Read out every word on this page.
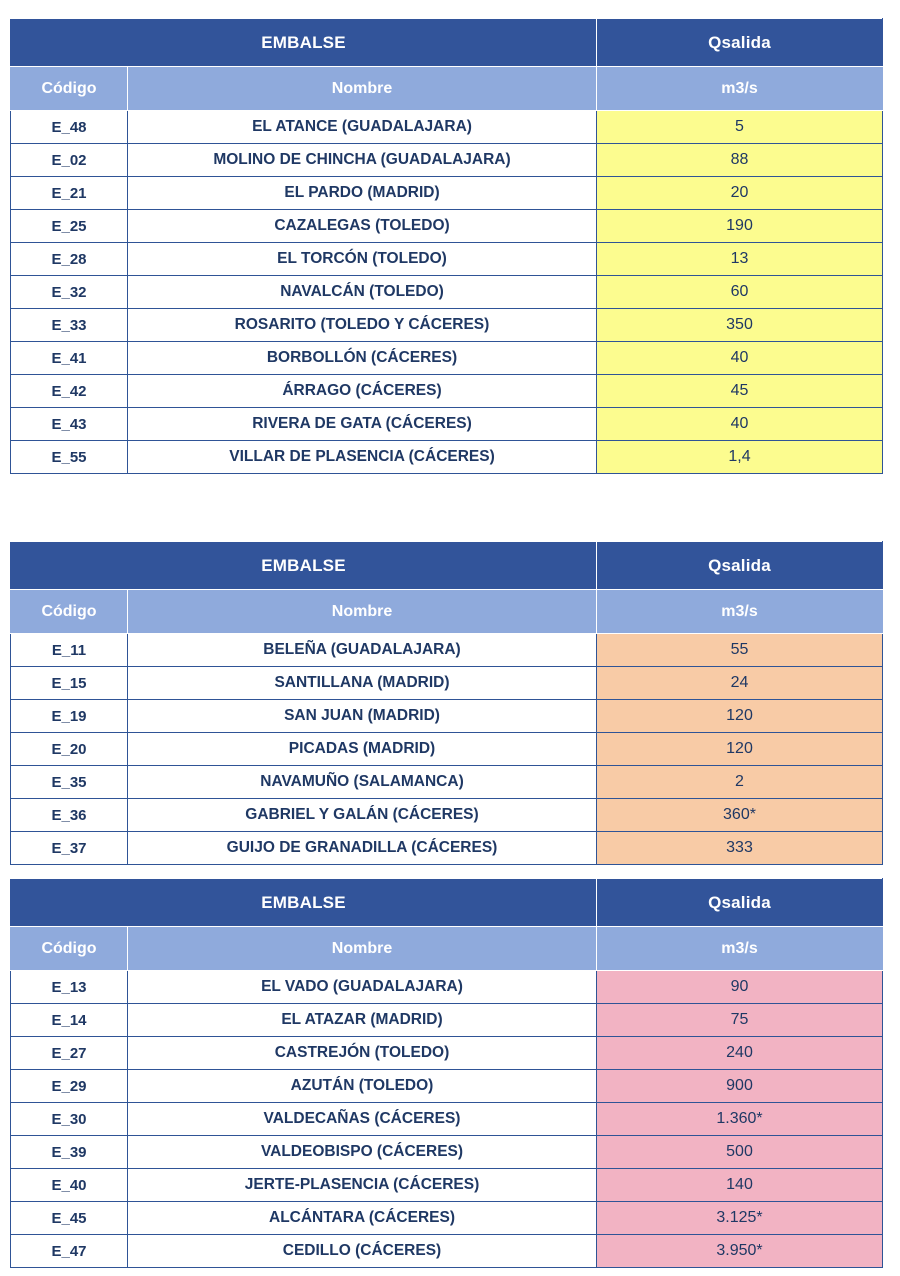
EMBALSE		Qsalida
Código	Nombre	m3/s
E_48	EL ATANCE (GUADALAJARA)	5
E_02	MOLINO DE CHINCHA (GUADALAJARA)	88
E_21	EL PARDO (MADRID)	20
E_25	CAZALEGAS (TOLEDO)	190
E_28	EL TORCÓN (TOLEDO)	13
E_32	NAVALCÁN (TOLEDO)	60
E_33	ROSARITO (TOLEDO Y CÁCERES)	350
E_41	BORBOLLÓN (CÁCERES)	40
E_42	ÁRRAGO (CÁCERES)	45
E_43	RIVERA DE GATA (CÁCERES)	40
E_55	VILLAR DE PLASENCIA (CÁCERES)	1,4
EMBALSE		Qsalida
Código	Nombre	m3/s
E_11	BELEÑA (GUADALAJARA)	55
E_15	SANTILLANA (MADRID)	24
E_19	SAN JUAN (MADRID)	120
E_20	PICADAS (MADRID)	120
E_35	NAVAMUÑO (SALAMANCA)	2
E_36	GABRIEL Y GALÁN (CÁCERES)	360*
E_37	GUIJO DE GRANADILLA (CÁCERES)	333
EMBALSE		Qsalida
Código	Nombre	m3/s
E_13	EL VADO (GUADALAJARA)	90
E_14	EL ATAZAR (MADRID)	75
E_27	CASTREJÓN (TOLEDO)	240
E_29	AZUTÁN (TOLEDO)	900
E_30	VALDECAÑAS (CÁCERES)	1.360*
E_39	VALDEOBISPO (CÁCERES)	500
E_40	JERTE-PLASENCIA (CÁCERES)	140
E_45	ALCÁNTARA (CÁCERES)	3.125*
E_47	CEDILLO (CÁCERES)	3.950*
